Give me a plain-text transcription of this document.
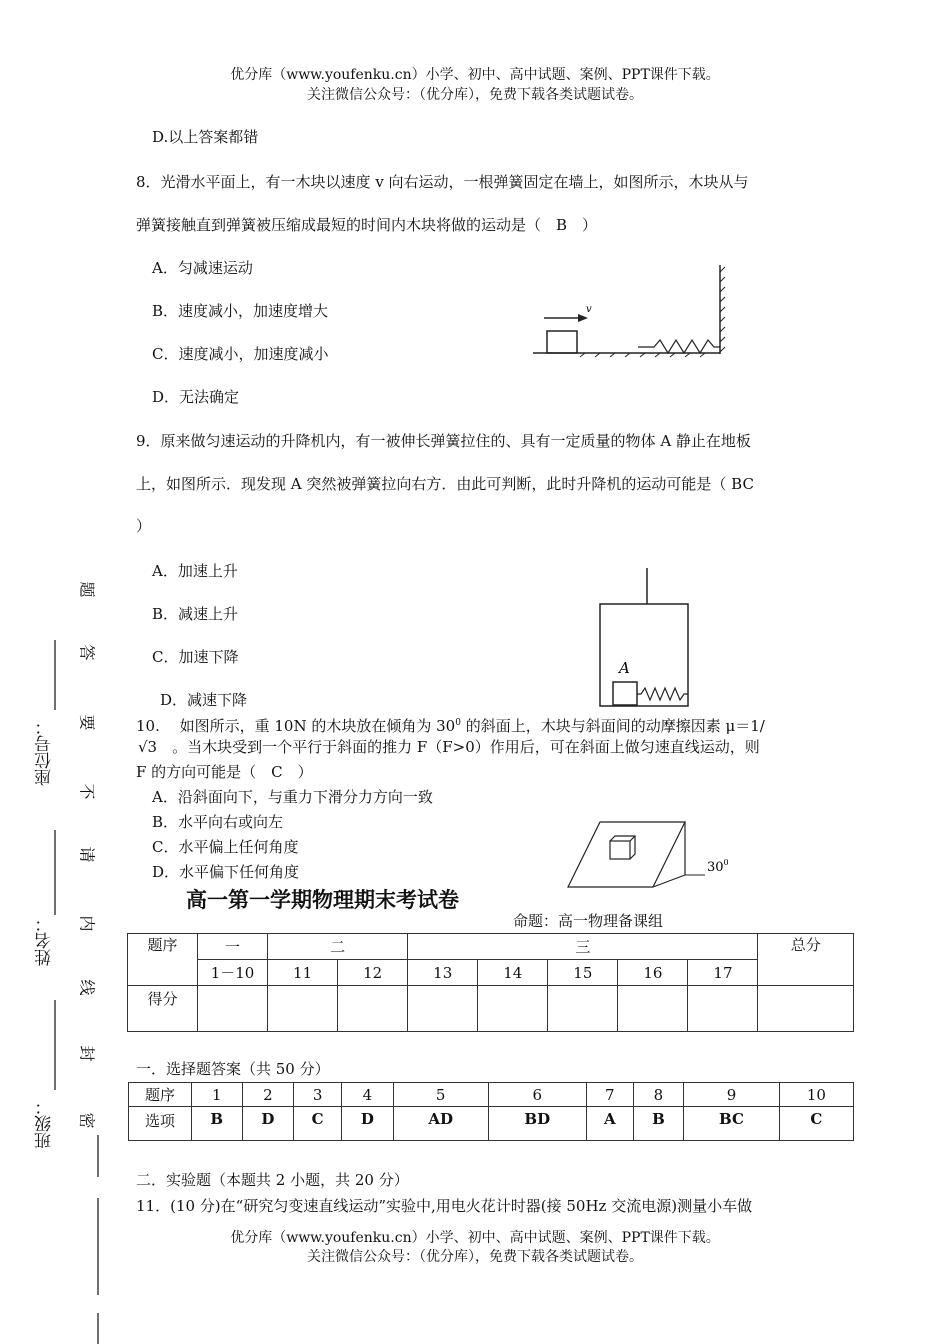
优分库（www.youfenku.cn）小学、初中、高中试题、案例、PPT课件下载。
关注微信公众号：（优分库），免费下载各类试题试卷。
D.以上答案都错
8．光滑水平面上，有一木块以速度 v 向右运动，一根弹簧固定在墙上，如图所示，木块从与
弹簧接触直到弹簧被压缩成最短的时间内木块将做的运动是（　B　）
A．匀减速运动
B．速度减小，加速度增大
C．速度减小，加速度减小
D．无法确定
v
9．原来做匀速运动的升降机内，有一被伸长弹簧拉住的、具有一定质量的物体 A 静止在地板
上，如图所示．现发现 A 突然被弹簧拉向右方．由此可判断，此时升降机的运动可能是（ BC
）
A．加速上升
B．减速上升
C．加速下降
D．减速下降
A
10.　 如图所示，重 10N 的木块放在倾角为 $30^0$ 的斜面上，木块与斜面间的动摩擦因素 μ＝1/
√3　。当木块受到一个平行于斜面的推力 F（F>0）作用后，可在斜面上做匀速直线运动，则
F 的方向可能是（　C　）
A．沿斜面向下，与重力下滑分力方向一致
B．水平向右或向左
C．水平偏上任何角度
D．水平偏下任何角度	$30^0$
高一第一学期物理期末考试卷
命题：高一物理备课组
题序	一	二		三					总分
	1－10	11	12	13	14	15	16	17	
得分									
一．选择题答案（共 50 分）
题序	1	2	3	4	5	6	7	8	9	10
选项	B	D	C	D	AD	BD	A	B	BC	C
二．实验题（本题共 2 小题，共 20 分）
11．(10 分)在“研究匀变速直线运动”实验中,用电火花计时器(接 50Hz 交流电源)测量小车做
优分库（www.youfenku.cn）小学、初中、高中试题、案例、PPT课件下载。
关注微信公众号：（优分库），免费下载各类试题试卷。
座位号：
姓名：
班级：
题
答
要
不
请
内
线
封
密
